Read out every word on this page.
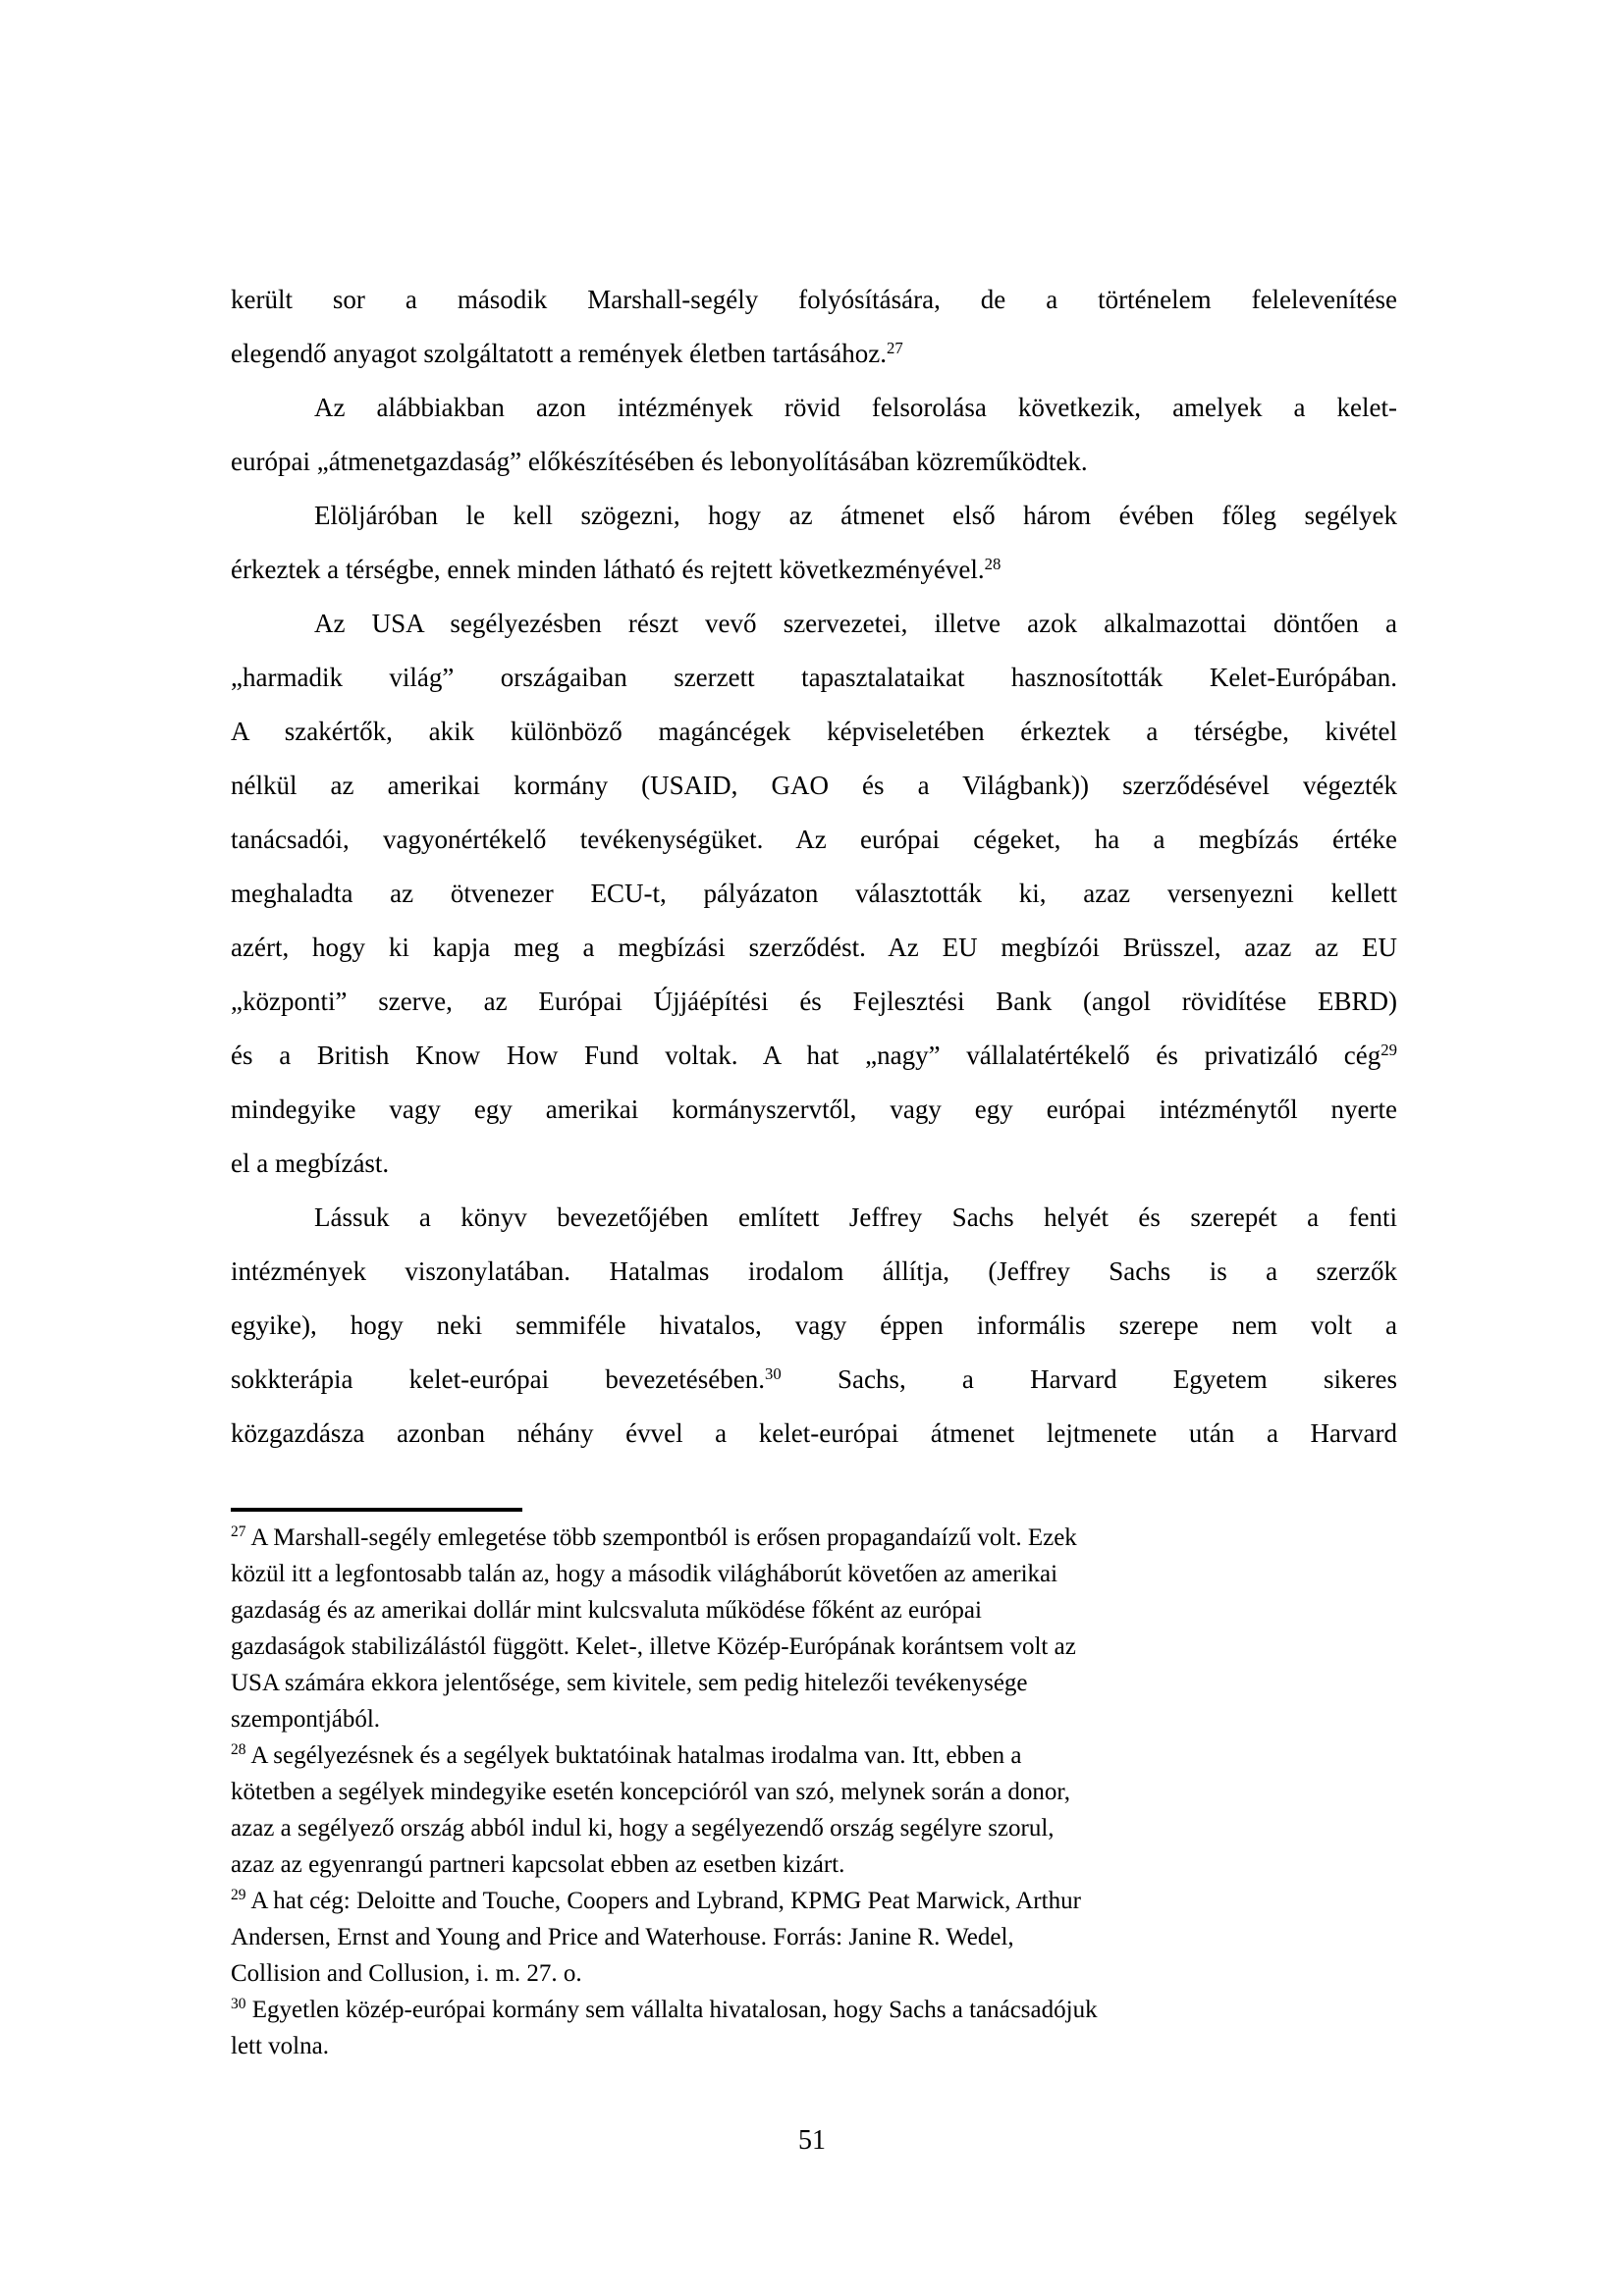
került sor a második Marshall-segély folyósítására, de a történelem felelevenítése
elegendő anyagot szolgáltatott a remények életben tartásához.$^{27}$
Az alábbiakban azon intézmények rövid felsorolása következik, amelyek a kelet-
európai „átmenetgazdaság” előkészítésében és lebonyolításában közreműködtek.
Elöljáróban le kell szögezni, hogy az átmenet első három évében főleg segélyek
érkeztek a térségbe, ennek minden látható és rejtett következményével.$^{28}$
Az USA segélyezésben részt vevő szervezetei, illetve azok alkalmazottai döntően a
„harmadik világ” országaiban szerzett tapasztalataikat hasznosították Kelet-Európában.
A szakértők, akik különböző magáncégek képviseletében érkeztek a térségbe, kivétel
nélkül az amerikai kormány (USAID, GAO és a Világbank)) szerződésével végezték
tanácsadói, vagyonértékelő tevékenységüket. Az európai cégeket, ha a megbízás értéke
meghaladta az ötvenezer ECU-t, pályázaton választották ki, azaz versenyezni kellett
azért, hogy ki kapja meg a megbízási szerződést. Az EU megbízói Brüsszel, azaz az EU
„központi” szerve, az Európai Újjáépítési és Fejlesztési Bank (angol rövidítése EBRD)
és a British Know How Fund voltak. A hat „nagy” vállalatértékelő és privatizáló cég$^{29}$
mindegyike vagy egy amerikai kormányszervtől, vagy egy európai intézménytől nyerte
el a megbízást.
Lássuk a könyv bevezetőjében említett Jeffrey Sachs helyét és szerepét a fenti
intézmények viszonylatában. Hatalmas irodalom állítja, (Jeffrey Sachs is a szerzők
egyike), hogy neki semmiféle hivatalos, vagy éppen informális szerepe nem volt a
sokkterápia kelet-európai bevezetésében.$^{30}$ Sachs, a Harvard Egyetem sikeres
közgazdásza azonban néhány évvel a kelet-európai átmenet lejtmenete után a Harvard
$^{27}$ A Marshall-segély emlegetése több szempontból is erősen propagandaízű volt. Ezek
közül itt a legfontosabb talán az, hogy a második világháborút követően az amerikai
gazdaság és az amerikai dollár mint kulcsvaluta működése főként az európai
gazdaságok stabilizálástól függött. Kelet-, illetve Közép-Európának korántsem volt az
USA számára ekkora jelentősége, sem kivitele, sem pedig hitelezői tevékenysége
szempontjából.
$^{28}$ A segélyezésnek és a segélyek buktatóinak hatalmas irodalma van. Itt, ebben a
kötetben a segélyek mindegyike esetén koncepcióról van szó, melynek során a donor,
azaz a segélyező ország abból indul ki, hogy a segélyezendő ország segélyre szorul,
azaz az egyenrangú partneri kapcsolat ebben az esetben kizárt.
$^{29}$ A hat cég: Deloitte and Touche, Coopers and Lybrand, KPMG Peat Marwick, Arthur
Andersen, Ernst and Young and Price and Waterhouse. Forrás: Janine R. Wedel,
Collision and Collusion, i. m. 27. o.
$^{30}$ Egyetlen közép-európai kormány sem vállalta hivatalosan, hogy Sachs a tanácsadójuk
lett volna.
51
